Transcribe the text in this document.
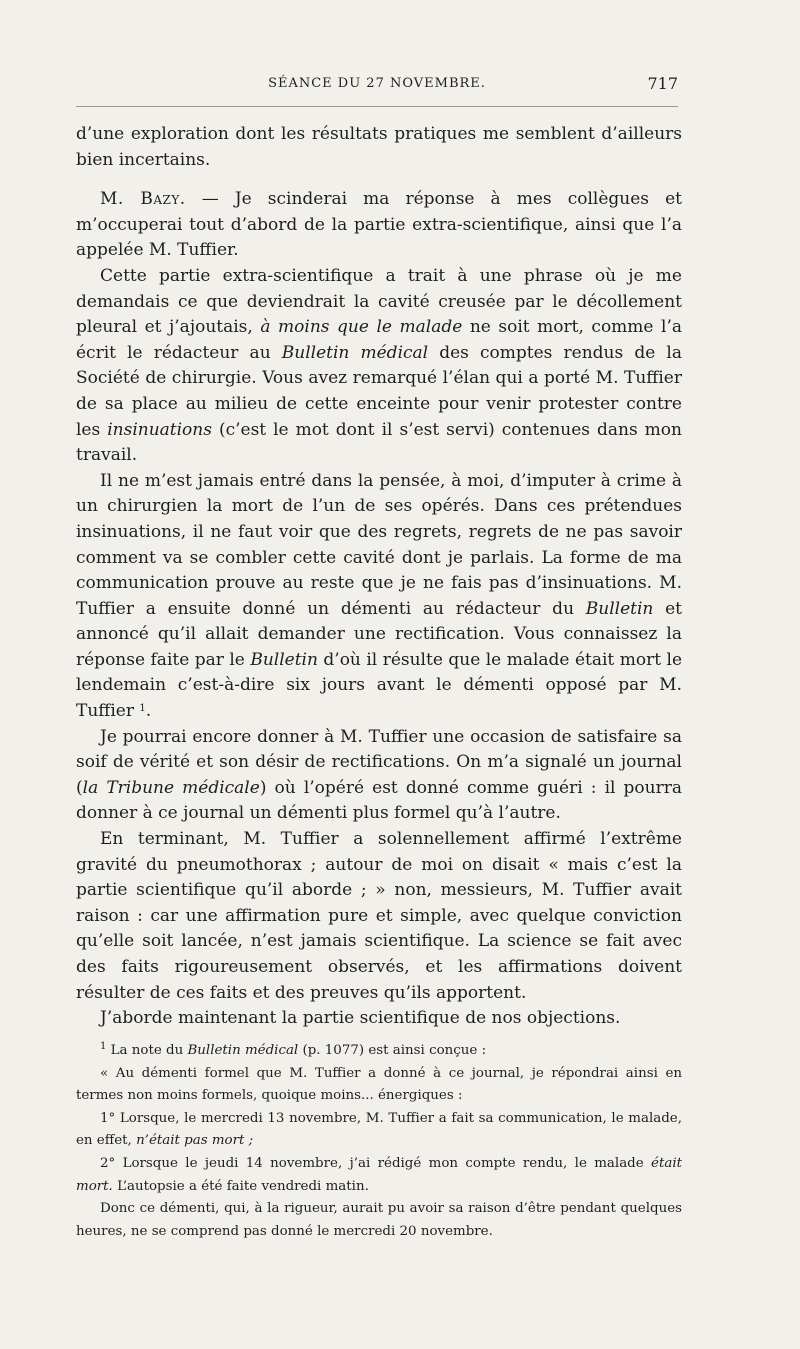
SÉANCE DU 27 NOVEMBRE.	717

d’une exploration dont les résultats pratiques me semblent d’ailleurs bien incertains.

M. Bazy. — Je scinderai ma réponse à mes collègues et m’occuperai tout d’abord de la partie extra-scientifique, ainsi que l’a appelée M. Tuffier.

Cette partie extra-scientifique a trait à une phrase où je me demandais ce que deviendrait la cavité creusée par le décollement pleural et j’ajoutais, à moins que le malade ne soit mort, comme l’a écrit le rédacteur au Bulletin médical des comptes rendus de la Société de chirurgie. Vous avez remarqué l’élan qui a porté M. Tuffier de sa place au milieu de cette enceinte pour venir protester contre les insinuations (c’est le mot dont il s’est servi) contenues dans mon travail.

Il ne m’est jamais entré dans la pensée, à moi, d’imputer à crime à un chirurgien la mort de l’un de ses opérés. Dans ces prétendues insinuations, il ne faut voir que des regrets, regrets de ne pas savoir comment va se combler cette cavité dont je parlais. La forme de ma communication prouve au reste que je ne fais pas d’insinuations. M. Tuffier a ensuite donné un démenti au rédacteur du Bulletin et annoncé qu’il allait demander une rectification. Vous connaissez la réponse faite par le Bulletin d’où il résulte que le malade était mort le lendemain c’est-à-dire six jours avant le démenti opposé par M. Tuffier $^1$.

Je pourrai encore donner à M. Tuffier une occasion de satisfaire sa soif de vérité et son désir de rectifications. On m’a signalé un journal (la Tribune médicale) où l’opéré est donné comme guéri : il pourra donner à ce journal un démenti plus formel qu’à l’autre.

En terminant, M. Tuffier a solennellement affirmé l’extrême gravité du pneumothorax ; autour de moi on disait « mais c’est la partie scientifique qu’il aborde ; » non, messieurs, M. Tuffier avait raison : car une affirmation pure et simple, avec quelque conviction qu’elle soit lancée, n’est jamais scientifique. La science se fait avec des faits rigoureusement observés, et les affirmations doivent résulter de ces faits et des preuves qu’ils apportent.

J’aborde maintenant la partie scientifique de nos objections.

$^1$ La note du Bulletin médical (p. 1077) est ainsi conçue :

« Au démenti formel que M. Tuffier a donné à ce journal, je répondrai ainsi en termes non moins formels, quoique moins... énergiques :

1° Lorsque, le mercredi 13 novembre, M. Tuffier a fait sa communication, le malade, en effet, n’était pas mort ;

2° Lorsque le jeudi 14 novembre, j’ai rédigé mon compte rendu, le malade était mort. L’autopsie a été faite vendredi matin.

Donc ce démenti, qui, à la rigueur, aurait pu avoir sa raison d’être pendant quelques heures, ne se comprend pas donné le mercredi 20 novembre.
